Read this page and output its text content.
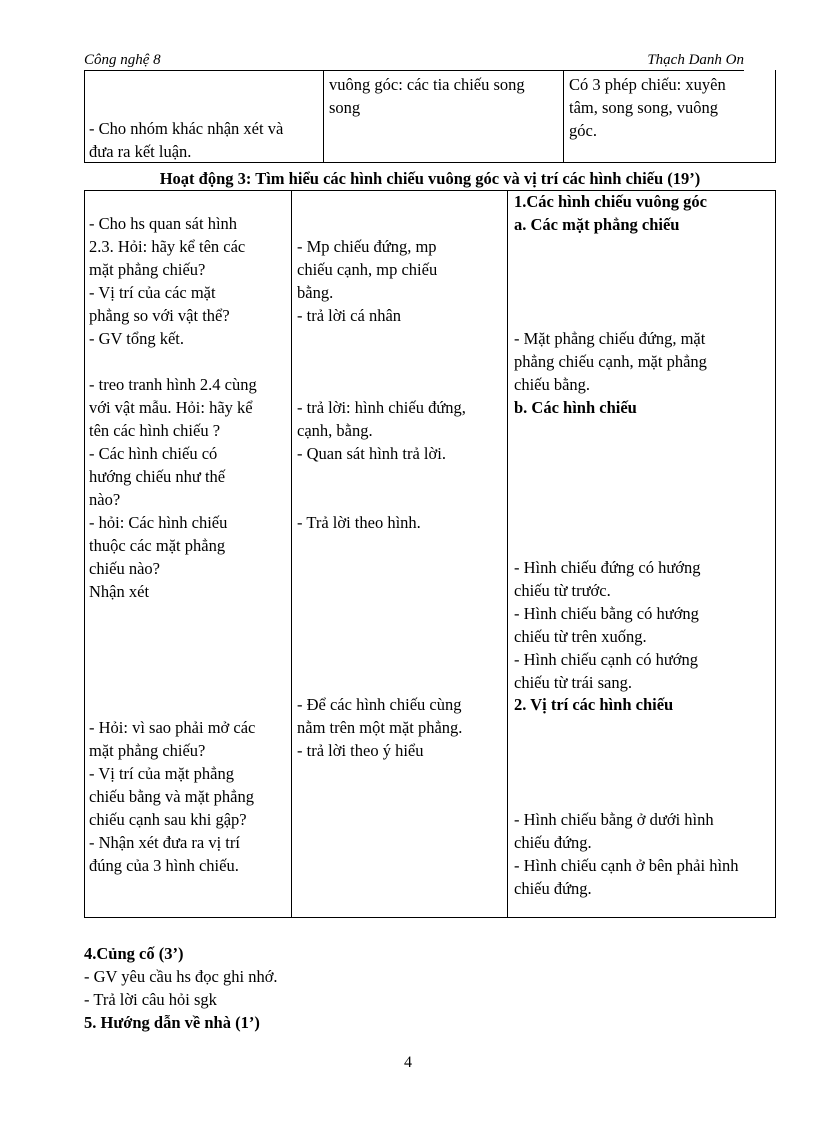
Công nghệ 8	Thạch Danh On
- Cho nhóm khác nhận xét và
đưa ra kết luận.
vuông góc: các tia chiếu song
song
Có 3 phép chiếu: xuyên
tâm, song song, vuông
góc.
Hoạt động 3: Tìm hiểu các hình chiếu vuông góc và vị trí các hình chiếu (19’)
- Cho hs quan sát hình
2.3. Hỏi: hãy kể tên các
mặt phẳng chiếu?
- Vị trí của các mặt
phẳng so với vật thể?
- GV tổng kết.
- treo tranh hình 2.4 cùng
với vật mẫu. Hỏi: hãy kể
tên các hình chiếu ?
- Các hình chiếu có
hướng chiếu như thế
nào?
- hỏi: Các hình chiếu
thuộc các mặt phẳng
chiếu nào?
Nhận xét
- Hỏi: vì sao phải mở các
mặt phẳng chiếu?
- Vị trí của mặt phẳng
chiếu bằng và mặt phẳng
chiếu cạnh sau khi gập?
- Nhận xét đưa ra vị trí
đúng của 3 hình chiếu.
- Mp chiếu đứng, mp
chiếu cạnh, mp chiếu
bằng.
- trả lời cá nhân
- trả lời: hình chiếu đứng,
cạnh, bằng.
- Quan sát hình trả lời.
- Trả lời theo hình.
- Để các hình chiếu cùng
nằm trên một mặt phẳng.
- trả lời theo ý hiểu
1.Các hình chiếu vuông góc
a. Các mặt phẳng chiếu
- Mặt phẳng chiếu đứng, mặt
phẳng chiếu cạnh, mặt phẳng
chiếu bằng.
b. Các hình chiếu
- Hình chiếu đứng có hướng
chiếu từ trước.
- Hình chiếu bằng có hướng
chiếu từ trên xuống.
- Hình chiếu cạnh có hướng
chiếu từ trái sang.
2. Vị trí các hình chiếu
- Hình chiếu bằng ở dưới hình
chiếu đứng.
- Hình chiếu cạnh ở bên phải hình
chiếu đứng.
4.Củng cố (3’)
- GV yêu cầu hs đọc ghi nhớ.
- Trả lời câu hỏi sgk
5. Hướng dẫn về nhà (1’)
4
